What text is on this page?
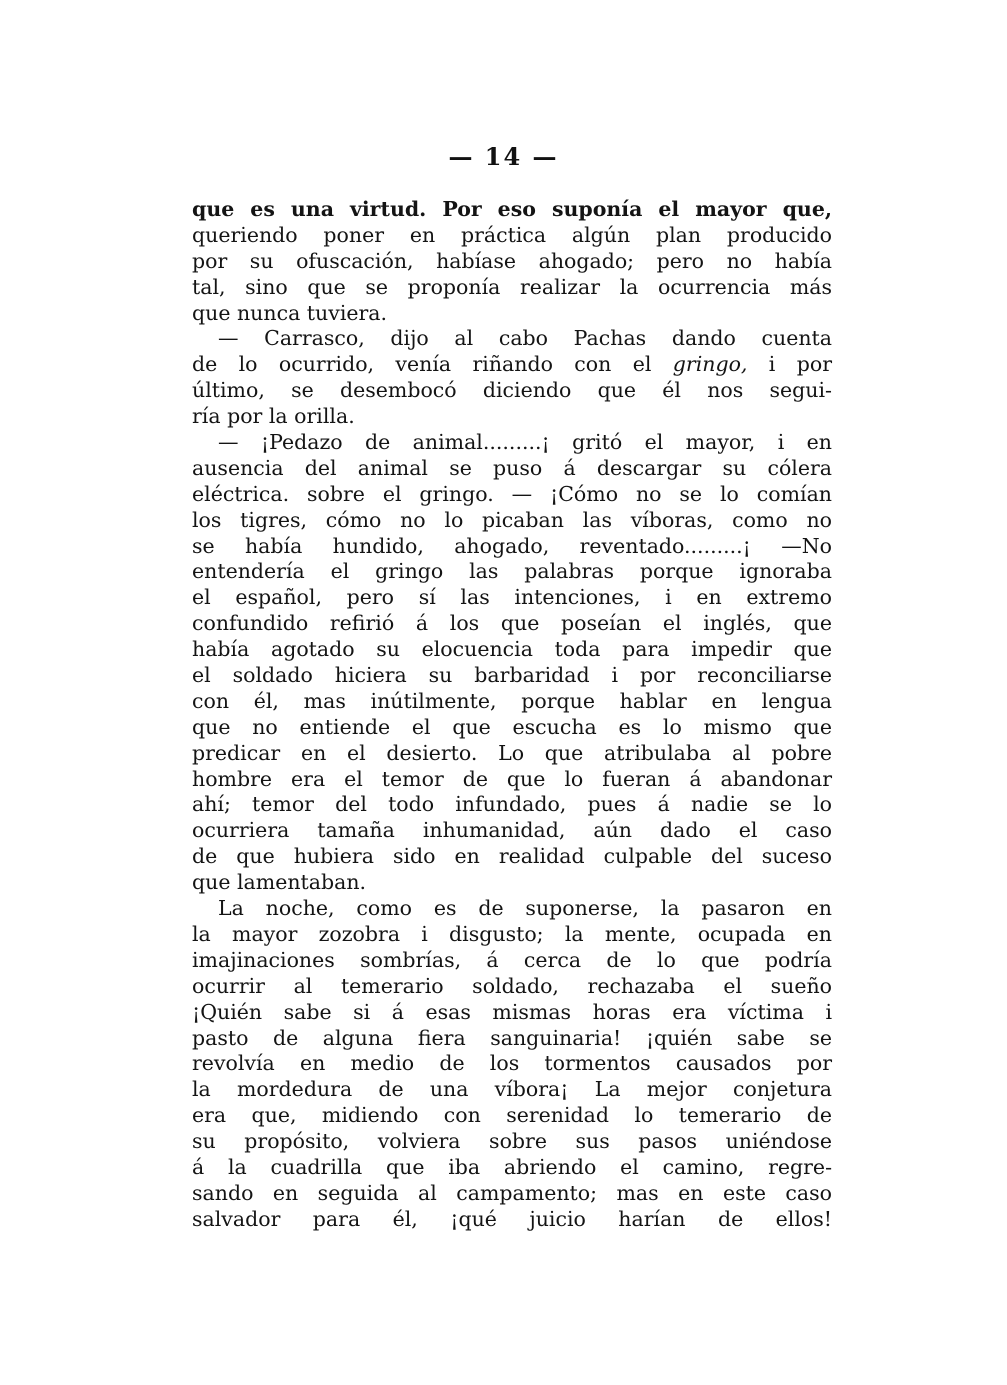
— 14 —
que es una virtud. Por eso suponía el mayor que,
queriendo poner en práctica algún plan producido
por su ofuscación, habíase ahogado; pero no había
tal, sino que se proponía realizar la ocurrencia más
que nunca tuviera.
— Carrasco, dijo al cabo Pachas dando cuenta
de lo ocurrido, venía riñando con el gringo, i por
último, se desembocó diciendo que él nos segui-
ría por la orilla.
— ¡Pedazo de animal.........¡ gritó el mayor, i en
ausencia del animal se puso á descargar su cólera
eléctrica. sobre el gringo. — ¡Cómo no se lo comían
los tigres, cómo no lo picaban las víboras, como no
se había hundido, ahogado, reventado.........¡ —No
entendería el gringo las palabras porque ignoraba
el español, pero sí las intenciones, i en extremo
confundido refirió á los que poseían el inglés, que
había agotado su elocuencia toda para impedir que
el soldado hiciera su barbaridad i por reconciliarse
con él, mas inútilmente, porque hablar en lengua
que no entiende el que escucha es lo mismo que
predicar en el desierto. Lo que atribulaba al pobre
hombre era el temor de que lo fueran á abandonar
ahí; temor del todo infundado, pues á nadie se lo
ocurriera tamaña inhumanidad, aún dado el caso
de que hubiera sido en realidad culpable del suceso
que lamentaban.
La noche, como es de suponerse, la pasaron en
la mayor zozobra i disgusto; la mente, ocupada en
imajinaciones sombrías, á cerca de lo que podría
ocurrir al temerario soldado, rechazaba el sueño
¡Quién sabe si á esas mismas horas era víctima i
pasto de alguna fiera sanguinaria! ¡quién sabe se
revolvía en medio de los tormentos causados por
la mordedura de una víbora¡ La mejor conjetura
era que, midiendo con serenidad lo temerario de
su propósito, volviera sobre sus pasos uniéndose
á la cuadrilla que iba abriendo el camino, regre-
sando en seguida al campamento; mas en este caso
salvador para él, ¡qué juicio harían de ellos!
